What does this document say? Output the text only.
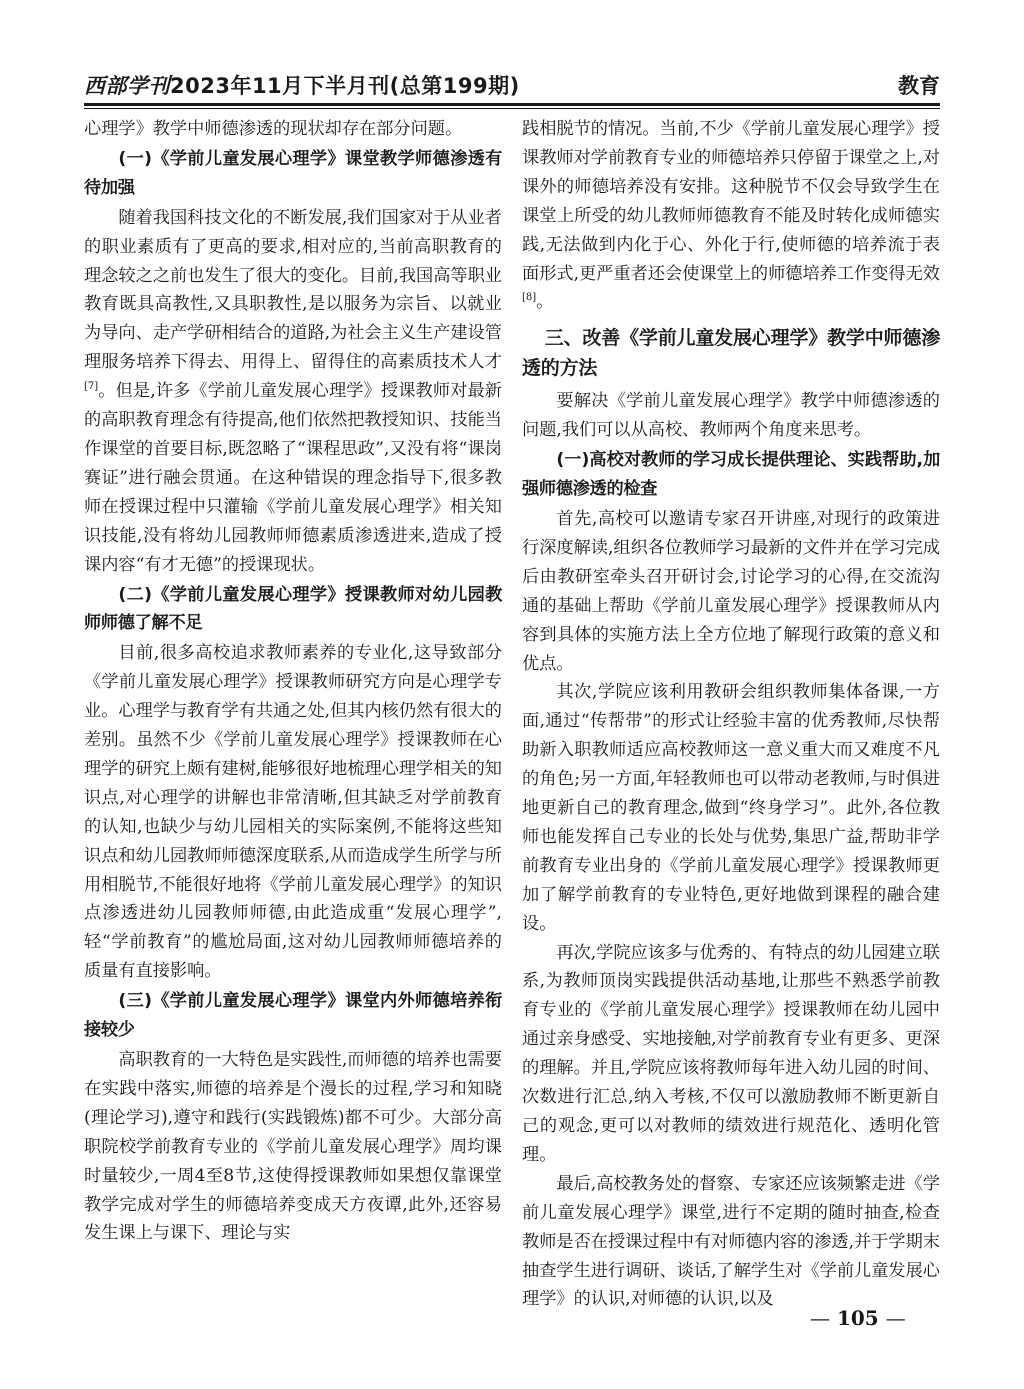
西部学刊2023年11月下半月刊(总第199期)	教育

心理学》教学中师德渗透的现状却存在部分问题。

(一)《学前儿童发展心理学》课堂教学师德渗透有待加强

随着我国科技文化的不断发展,我们国家对于从业者的职业素质有了更高的要求,相对应的,当前高职教育的理念较之之前也发生了很大的变化。目前,我国高等职业教育既具高教性,又具职教性,是以服务为宗旨、以就业为导向、走产学研相结合的道路,为社会主义生产建设管理服务培养下得去、用得上、留得住的高素质技术人才[7]。但是,许多《学前儿童发展心理学》授课教师对最新的高职教育理念有待提高,他们依然把教授知识、技能当作课堂的首要目标,既忽略了“课程思政”,又没有将“课岗赛证”进行融会贯通。在这种错误的理念指导下,很多教师在授课过程中只灌输《学前儿童发展心理学》相关知识技能,没有将幼儿园教师师德素质渗透进来,造成了授课内容“有才无德”的授课现状。

(二)《学前儿童发展心理学》授课教师对幼儿园教师师德了解不足

目前,很多高校追求教师素养的专业化,这导致部分《学前儿童发展心理学》授课教师研究方向是心理学专业。心理学与教育学有共通之处,但其内核仍然有很大的差别。虽然不少《学前儿童发展心理学》授课教师在心理学的研究上颇有建树,能够很好地梳理心理学相关的知识点,对心理学的讲解也非常清晰,但其缺乏对学前教育的认知,也缺少与幼儿园相关的实际案例,不能将这些知识点和幼儿园教师师德深度联系,从而造成学生所学与所用相脱节,不能很好地将《学前儿童发展心理学》的知识点渗透进幼儿园教师师德,由此造成重“发展心理学”,轻“学前教育”的尴尬局面,这对幼儿园教师师德培养的质量有直接影响。

(三)《学前儿童发展心理学》课堂内外师德培养衔接较少

高职教育的一大特色是实践性,而师德的培养也需要在实践中落实,师德的培养是个漫长的过程,学习和知晓(理论学习),遵守和践行(实践锻炼)都不可少。大部分高职院校学前教育专业的《学前儿童发展心理学》周均课时量较少,一周4至8节,这使得授课教师如果想仅靠课堂教学完成对学生的师德培养变成天方夜谭,此外,还容易发生课上与课下、理论与实

践相脱节的情况。当前,不少《学前儿童发展心理学》授课教师对学前教育专业的师德培养只停留于课堂之上,对课外的师德培养没有安排。这种脱节不仅会导致学生在课堂上所受的幼儿教师师德教育不能及时转化成师德实践,无法做到内化于心、外化于行,使师德的培养流于表面形式,更严重者还会使课堂上的师德培养工作变得无效[8]。

三、改善《学前儿童发展心理学》教学中师德渗透的方法

要解决《学前儿童发展心理学》教学中师德渗透的问题,我们可以从高校、教师两个角度来思考。

(一)高校对教师的学习成长提供理论、实践帮助,加强师德渗透的检查

首先,高校可以邀请专家召开讲座,对现行的政策进行深度解读,组织各位教师学习最新的文件并在学习完成后由教研室牵头召开研讨会,讨论学习的心得,在交流沟通的基础上帮助《学前儿童发展心理学》授课教师从内容到具体的实施方法上全方位地了解现行政策的意义和优点。

其次,学院应该利用教研会组织教师集体备课,一方面,通过“传帮带”的形式让经验丰富的优秀教师,尽快帮助新入职教师适应高校教师这一意义重大而又难度不凡的角色;另一方面,年轻教师也可以带动老教师,与时俱进地更新自己的教育理念,做到“终身学习”。此外,各位教师也能发挥自己专业的长处与优势,集思广益,帮助非学前教育专业出身的《学前儿童发展心理学》授课教师更加了解学前教育的专业特色,更好地做到课程的融合建设。

再次,学院应该多与优秀的、有特点的幼儿园建立联系,为教师顶岗实践提供活动基地,让那些不熟悉学前教育专业的《学前儿童发展心理学》授课教师在幼儿园中通过亲身感受、实地接触,对学前教育专业有更多、更深的理解。并且,学院应该将教师每年进入幼儿园的时间、次数进行汇总,纳入考核,不仅可以激励教师不断更新自己的观念,更可以对教师的绩效进行规范化、透明化管理。

最后,高校教务处的督察、专家还应该频繁走进《学前儿童发展心理学》课堂,进行不定期的随时抽查,检查教师是否在授课过程中有对师德内容的渗透,并于学期末抽查学生进行调研、谈话,了解学生对《学前儿童发展心理学》的认识,对师德的认识,以及

— 105 —
